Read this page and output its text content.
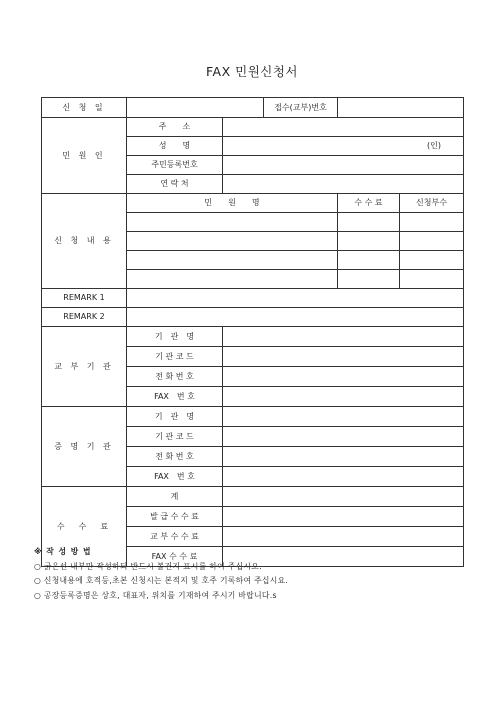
FAX 민원신청서
신 청 일			접수(교부)번호		
민 원 인	주　　소				
	성　　명	(인)			
	주민등록번호				
	연 락 처				
신 청 내 용	민　　원　　명			수 수 료	신청부수

REMARK 1					
REMARK 2					
교 부 기 관	기　관　명				
	기 관 코 드				
	전 화 번 호				
	FAX　번 호				
증 명 기 관	기　관　명				
	기 관 코 드				
	전 화 번 호				
	FAX　번 호				
수　수　료	계				
	발 급 수 수 료				
	교 부 수 수 료				
	FAX 수 수 료				
※ 작 성 방 법
○ 굵은선 내부만 작성하되 반드시 볼건지 표시를 하여 주십시오.
○ 신청내용에 호적등,초본 신청시는 본적지 및 호주 기록하여 주십시요.
○ 공장등록증명은 상호, 대표자, 위치를 기재하여 주시기 바랍니다.s
